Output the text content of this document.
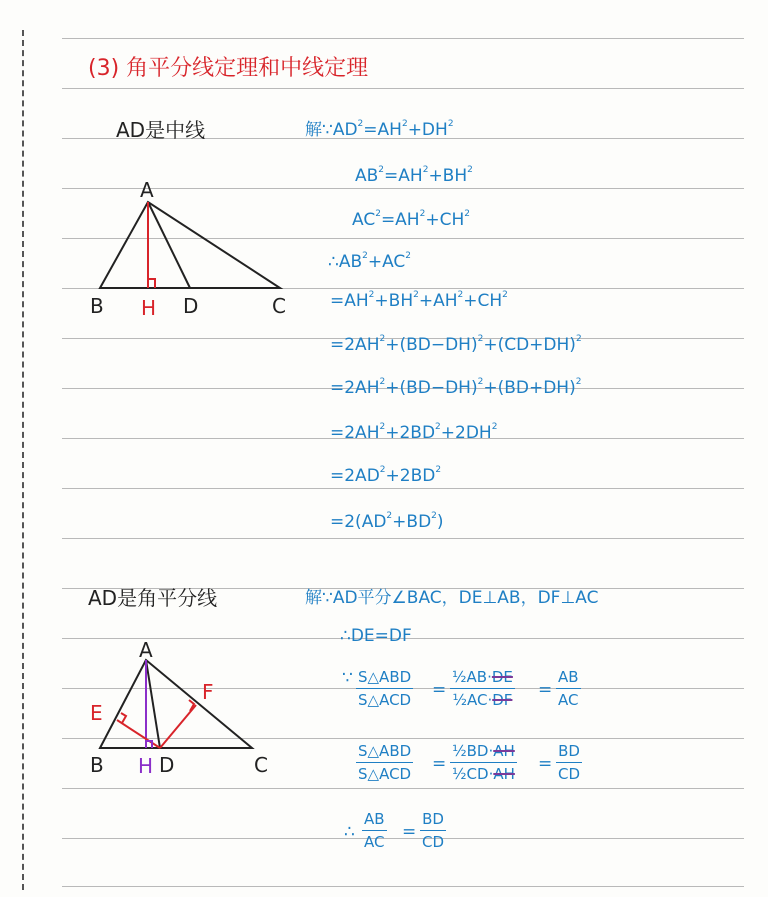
(3) 角平分线定理和中线定理
AD是中线
A
B H D	C
解$\because AD^2=AH^2+DH^2$
$AB^2=AH^2+BH^2$
$AC^2=AH^2+CH^2$
$\therefore AB^2+AC^2$
$=AH^2+BH^2+AH^2+CH^2$
$=2AH^2+(BD-DH)^2+(CD+DH)^2$
$=2AH^2+(BD-DH)^2+(BD+DH)^2$
$=2AH^2+2BD^2+2DH^2$
$=2AD^2+2BD^2$
$=2(AD^2+BD^2)$
AD是角平分线
A
E
F
B H D	C
解∵AD平分∠BAC，DE⊥AB，DF⊥AC
∴DE=DF
∵ S△ABD
S△ACD =
½AB·DE
½AC·DF =
AB
AC
S△ABD
S△ACD =
½BD·AH
½CD·AH =
BD
CD
∴
AB
AC =
BD
CD
